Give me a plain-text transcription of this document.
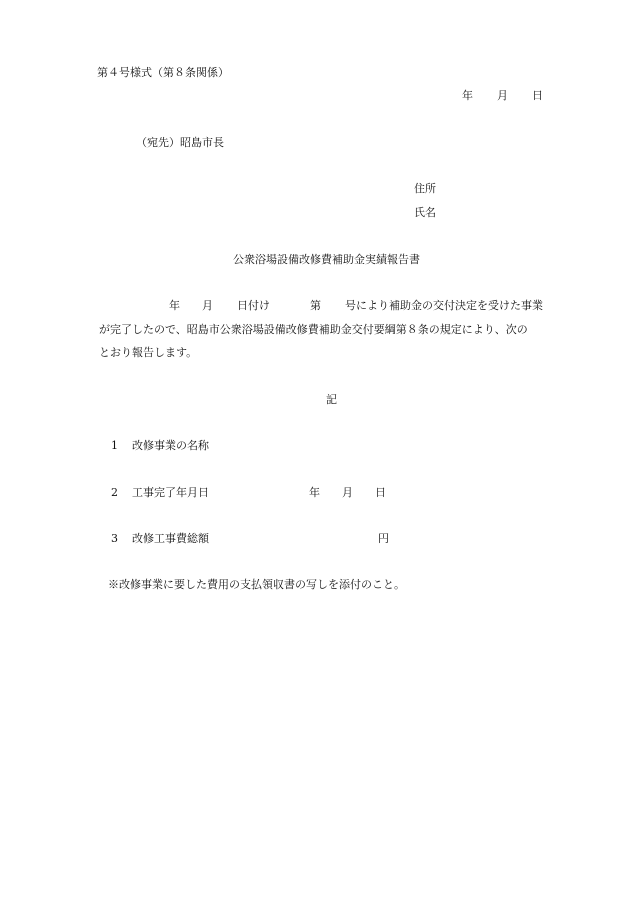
第４号様式（第８条関係）
年 月 日
（宛先）昭島市長
住所
氏名
公衆浴場設備改修費補助金実績報告書
年 月 日付け	第 号により補助金の交付決定を受けた事業
が完了したので、昭島市公衆浴場設備改修費補助金交付要綱第８条の規定により、次の
とおり報告します。
記
1 改修事業の名称
2 工事完了年月日	年 月 日
3 改修工事費総額	円
※改修事業に要した費用の支払領収書の写しを添付のこと。
